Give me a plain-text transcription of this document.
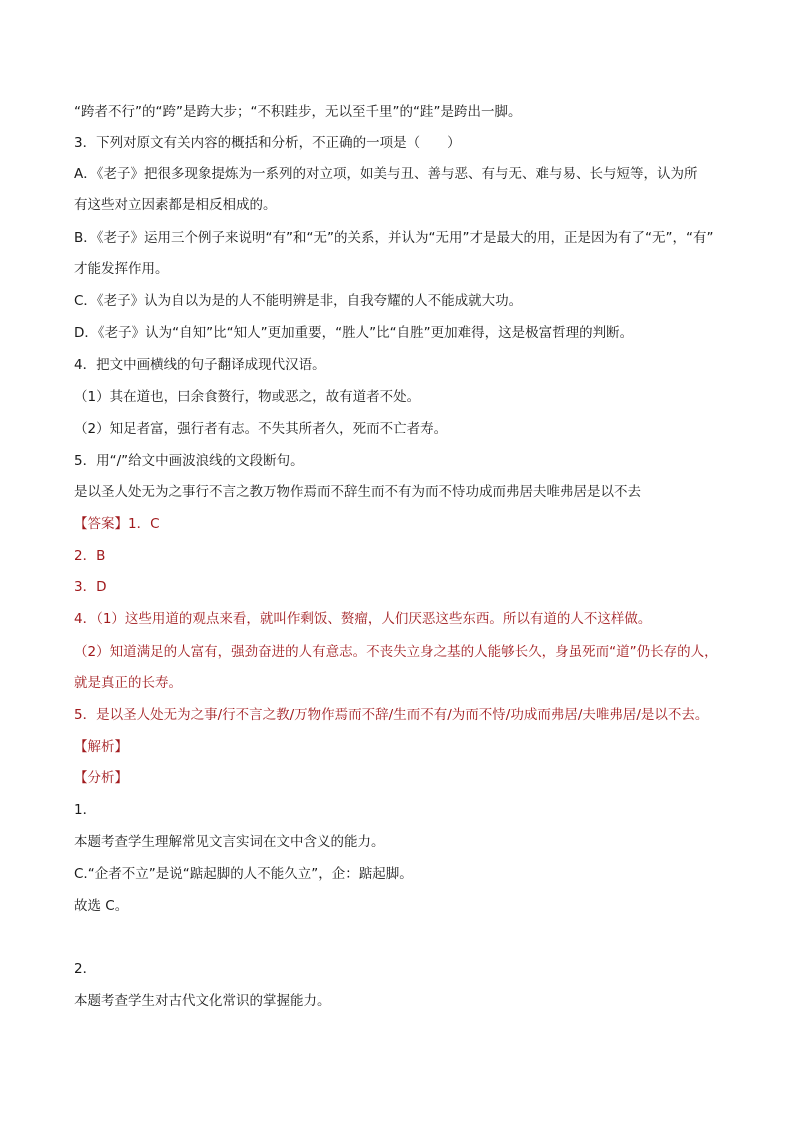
“跨者不行”的“跨”是跨大步；“不积跬步，无以至千里”的“跬”是跨出一脚。
3．下列对原文有关内容的概括和分析，不正确的一项是（　　）
A．《老子》把很多现象提炼为一系列的对立项，如美与丑、善与恶、有与无、难与易、长与短等，认为所
有这些对立因素都是相反相成的。
B．《老子》运用三个例子来说明“有”和“无”的关系，并认为“无用”才是最大的用，正是因为有了“无”，“有”
才能发挥作用。
C．《老子》认为自以为是的人不能明辨是非，自我夸耀的人不能成就大功。
D．《老子》认为“自知”比“知人”更加重要，“胜人”比“自胜”更加难得，这是极富哲理的判断。
4．把文中画横线的句子翻译成现代汉语。
（1）其在道也，曰余食赘行，物或恶之，故有道者不处。
（2）知足者富，强行者有志。不失其所者久，死而不亡者寿。
5．用“/”给文中画波浪线的文段断句。
是以圣人处无为之事行不言之教万物作焉而不辞生而不有为而不恃功成而弗居夫唯弗居是以不去
【答案】1．C
2．B
3．D
4．（1）这些用道的观点来看，就叫作剩饭、赘瘤，人们厌恶这些东西。所以有道的人不这样做。
（2）知道满足的人富有，强劲奋进的人有意志。不丧失立身之基的人能够长久，身虽死而“道”仍长存的人，
就是真正的长寿。
5．是以圣人处无为之事/行不言之教/万物作焉而不辞/生而不有/为而不恃/功成而弗居/夫唯弗居/是以不去。
【解析】
【分析】
1．
本题考查学生理解常见文言实词在文中含义的能力。
C.“企者不立”是说“踮起脚的人不能久立”，企：踮起脚。
故选 C。
2．
本题考查学生对古代文化常识的掌握能力。
